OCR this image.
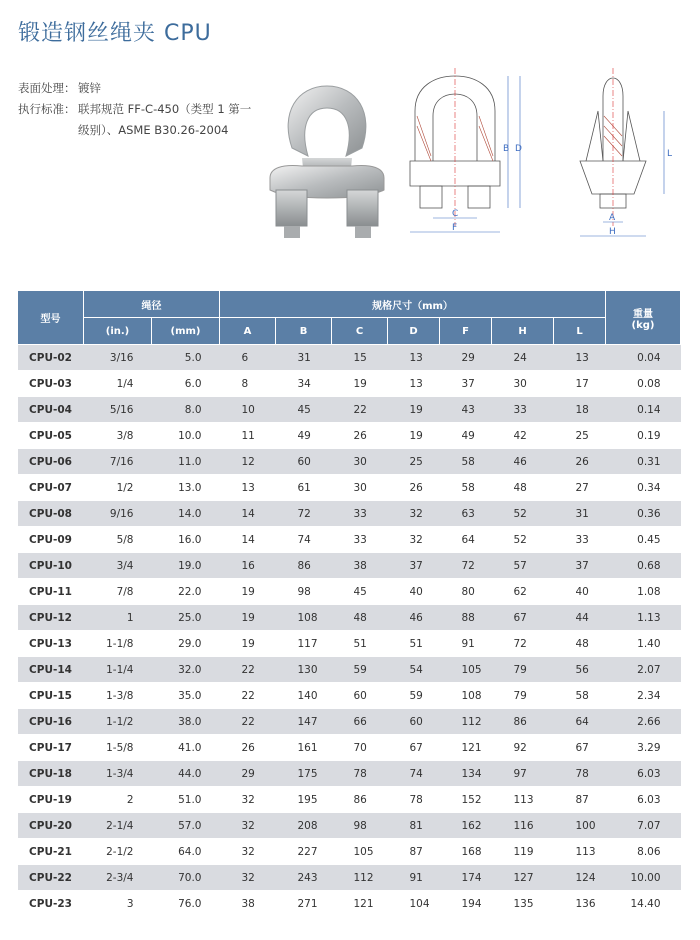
锻造钢丝绳夹 CPU
表面处理： 镀锌
执行标准： 联邦规范 FF-C-450（类型 1 第一级别）、ASME B30.26-2004
B D
C
F
L
A
H
型号	绳径		规格尺寸（mm）							重量
(kg)

	(in.)	(mm)	A	B	C	D	F	H	L	
CPU-02	3/16	5.0	6	31	15	13	29	24	13	0.04
CPU-03	1/4	6.0	8	34	19	13	37	30	17	0.08
CPU-04	5/16	8.0	10	45	22	19	43	33	18	0.14
CPU-05	3/8	10.0	11	49	26	19	49	42	25	0.19
CPU-06	7/16	11.0	12	60	30	25	58	46	26	0.31
CPU-07	1/2	13.0	13	61	30	26	58	48	27	0.34
CPU-08	9/16	14.0	14	72	33	32	63	52	31	0.36
CPU-09	5/8	16.0	14	74	33	32	64	52	33	0.45
CPU-10	3/4	19.0	16	86	38	37	72	57	37	0.68
CPU-11	7/8	22.0	19	98	45	40	80	62	40	1.08
CPU-12	1	25.0	19	108	48	46	88	67	44	1.13
CPU-13	1-1/8	29.0	19	117	51	51	91	72	48	1.40
CPU-14	1-1/4	32.0	22	130	59	54	105	79	56	2.07
CPU-15	1-3/8	35.0	22	140	60	59	108	79	58	2.34
CPU-16	1-1/2	38.0	22	147	66	60	112	86	64	2.66
CPU-17	1-5/8	41.0	26	161	70	67	121	92	67	3.29
CPU-18	1-3/4	44.0	29	175	78	74	134	97	78	6.03
CPU-19	2	51.0	32	195	86	78	152	113	87	6.03
CPU-20	2-1/4	57.0	32	208	98	81	162	116	100	7.07
CPU-21	2-1/2	64.0	32	227	105	87	168	119	113	8.06
CPU-22	2-3/4	70.0	32	243	112	91	174	127	124	10.00
CPU-23	3	76.0	38	271	121	104	194	135	136	14.40
